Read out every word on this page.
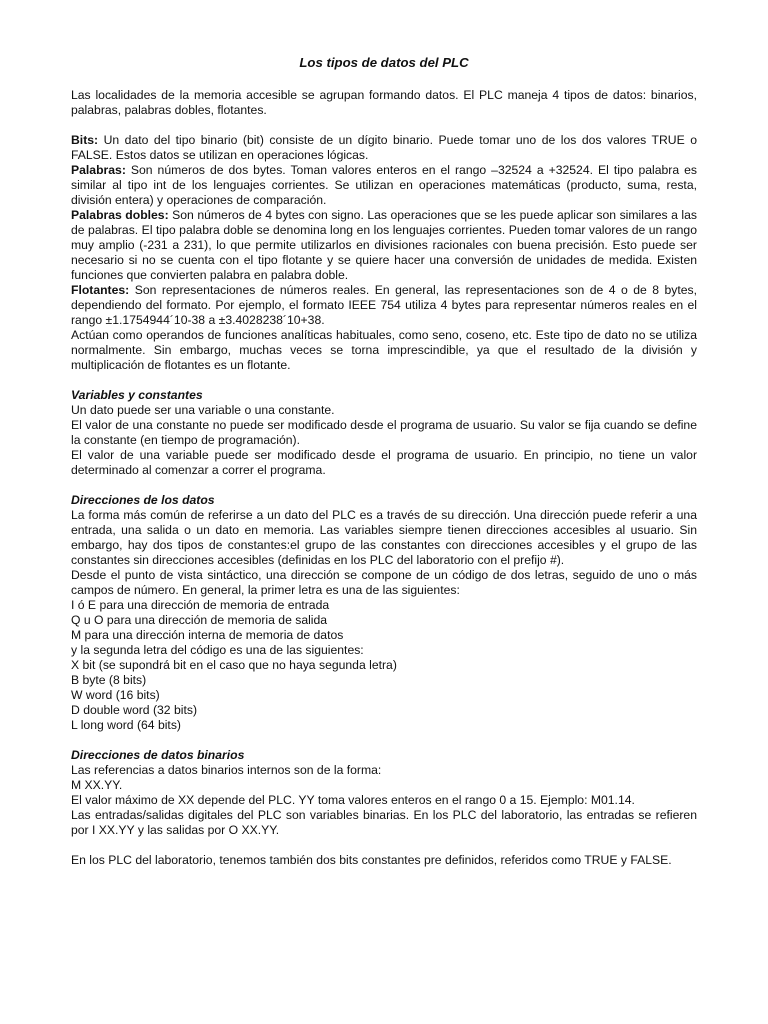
Los tipos de datos del PLC

Las localidades de la memoria accesible se agrupan formando datos. El PLC maneja 4 tipos de datos: binarios, palabras, palabras dobles, flotantes.

Bits: Un dato del tipo binario (bit) consiste de un dígito binario. Puede tomar uno de los dos valores TRUE o FALSE. Estos datos se utilizan en operaciones lógicas.

Palabras: Son números de dos bytes. Toman valores enteros en el rango –32524 a +32524. El tipo palabra es similar al tipo int de los lenguajes corrientes. Se utilizan en operaciones matemáticas (producto, suma, resta, división entera) y operaciones de comparación.

Palabras dobles: Son números de 4 bytes con signo. Las operaciones que se les puede aplicar son similares a las de palabras. El tipo palabra doble se denomina long en los lenguajes corrientes. Pueden tomar valores de un rango muy amplio (-231 a 231), lo que permite utilizarlos en divisiones racionales con buena precisión. Esto puede ser necesario si no se cuenta con el tipo flotante y se quiere hacer una conversión de unidades de medida. Existen funciones que convierten palabra en palabra doble.

Flotantes: Son representaciones de números reales. En general, las representaciones son de 4 o de 8 bytes, dependiendo del formato. Por ejemplo, el formato IEEE 754 utiliza 4 bytes para representar números reales en el rango ±1.1754944´10-38 a ±3.4028238´10+38.

Actúan como operandos de funciones analíticas habituales, como seno, coseno, etc. Este tipo de dato no se utiliza normalmente. Sin embargo, muchas veces se torna imprescindible, ya que el resultado de la división y multiplicación de flotantes es un flotante.

Variables y constantes

Un dato puede ser una variable o una constante.

El valor de una constante no puede ser modificado desde el programa de usuario. Su valor se fija cuando se define la constante (en tiempo de programación).

El valor de una variable puede ser modificado desde el programa de usuario. En principio, no tiene un valor determinado al comenzar a correr el programa.

Direcciones de los datos

La forma más común de referirse a un dato del PLC es a través de su dirección. Una dirección puede referir a una entrada, una salida o un dato en memoria. Las variables siempre tienen direcciones accesibles al usuario. Sin embargo, hay dos tipos de constantes:el grupo de las constantes con direcciones accesibles y el grupo de las constantes sin direcciones accesibles (definidas en los PLC del laboratorio con el prefijo #).

Desde el punto de vista sintáctico, una dirección se compone de un código de dos letras, seguido de uno o más campos de número. En general, la primer letra es una de las siguientes:

I ó E para una dirección de memoria de entrada

Q u O para una dirección de memoria de salida

M para una dirección interna de memoria de datos

y la segunda letra del código es una de las siguientes:

X bit (se supondrá bit en el caso que no haya segunda letra)

B byte (8 bits)

W word (16 bits)

D double word (32 bits)

L long word (64 bits)

Direcciones de datos binarios

Las referencias a datos binarios internos son de la forma:

M XX.YY.

El valor máximo de XX depende del PLC. YY toma valores enteros en el rango 0 a 15. Ejemplo: M01.14.

Las entradas/salidas digitales del PLC son variables binarias. En los PLC del laboratorio, las entradas se refieren por I XX.YY y las salidas por O XX.YY.

En los PLC del laboratorio, tenemos también dos bits constantes pre definidos, referidos como TRUE y FALSE.
